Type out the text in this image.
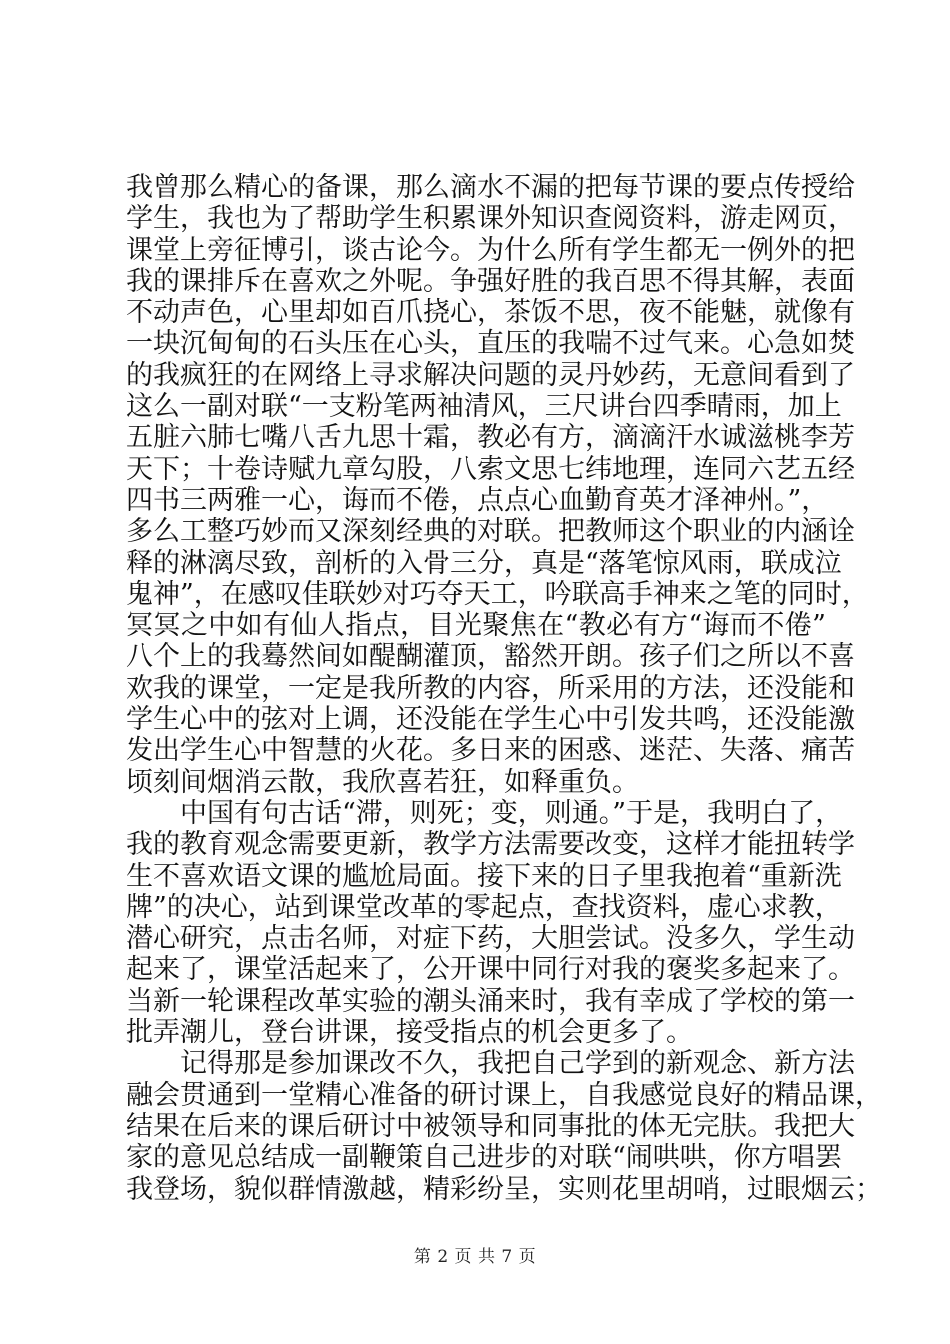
我曾那么精心的备课，那么滴水不漏的把每节课的要点传授给
学生，我也为了帮助学生积累课外知识查阅资料，游走网页，
课堂上旁征博引，谈古论今。为什么所有学生都无一例外的把
我的课排斥在喜欢之外呢。争强好胜的我百思不得其解，表面
不动声色，心里却如百爪挠心，茶饭不思，夜不能魅，就像有
一块沉甸甸的石头压在心头，直压的我喘不过气来。心急如焚
的我疯狂的在网络上寻求解决问题的灵丹妙药，无意间看到了
这么一副对联“一支粉笔两袖清风，三尺讲台四季晴雨，加上
五脏六肺七嘴八舌九思十霜，教必有方，滴滴汗水诚滋桃李芳
天下；十卷诗赋九章勾股，八索文思七纬地理，连同六艺五经
四书三两雅一心，诲而不倦，点点心血勤育英才泽神州。”，
多么工整巧妙而又深刻经典的对联。把教师这个职业的内涵诠
释的淋漓尽致，剖析的入骨三分，真是“落笔惊风雨，联成泣
鬼神”，在感叹佳联妙对巧夺天工，吟联高手神来之笔的同时，
冥冥之中如有仙人指点，目光聚焦在“教必有方“诲而不倦”
八个上的我蓦然间如醍醐灌顶，豁然开朗。孩子们之所以不喜
欢我的课堂，一定是我所教的内容，所采用的方法，还没能和
学生心中的弦对上调，还没能在学生心中引发共鸣，还没能激
发出学生心中智慧的火花。多日来的困惑、迷茫、失落、痛苦
顷刻间烟消云散，我欣喜若狂，如释重负。
中国有句古话“滞，则死；变，则通。”于是，我明白了，
我的教育观念需要更新，教学方法需要改变，这样才能扭转学
生不喜欢语文课的尴尬局面。接下来的日子里我抱着“重新洗
牌”的决心，站到课堂改革的零起点，查找资料，虚心求教，
潜心研究，点击名师，对症下药，大胆尝试。没多久，学生动
起来了，课堂活起来了，公开课中同行对我的褒奖多起来了。
当新一轮课程改革实验的潮头涌来时，我有幸成了学校的第一
批弄潮儿，登台讲课，接受指点的机会更多了。
记得那是参加课改不久，我把自己学到的新观念、新方法
融会贯通到一堂精心准备的研讨课上，自我感觉良好的精品课，
结果在后来的课后研讨中被领导和同事批的体无完肤。我把大
家的意见总结成一副鞭策自己进步的对联“闹哄哄，你方唱罢
我登场，貌似群情激越，精彩纷呈，实则花里胡哨，过眼烟云；
第 2 页 共 7 页
